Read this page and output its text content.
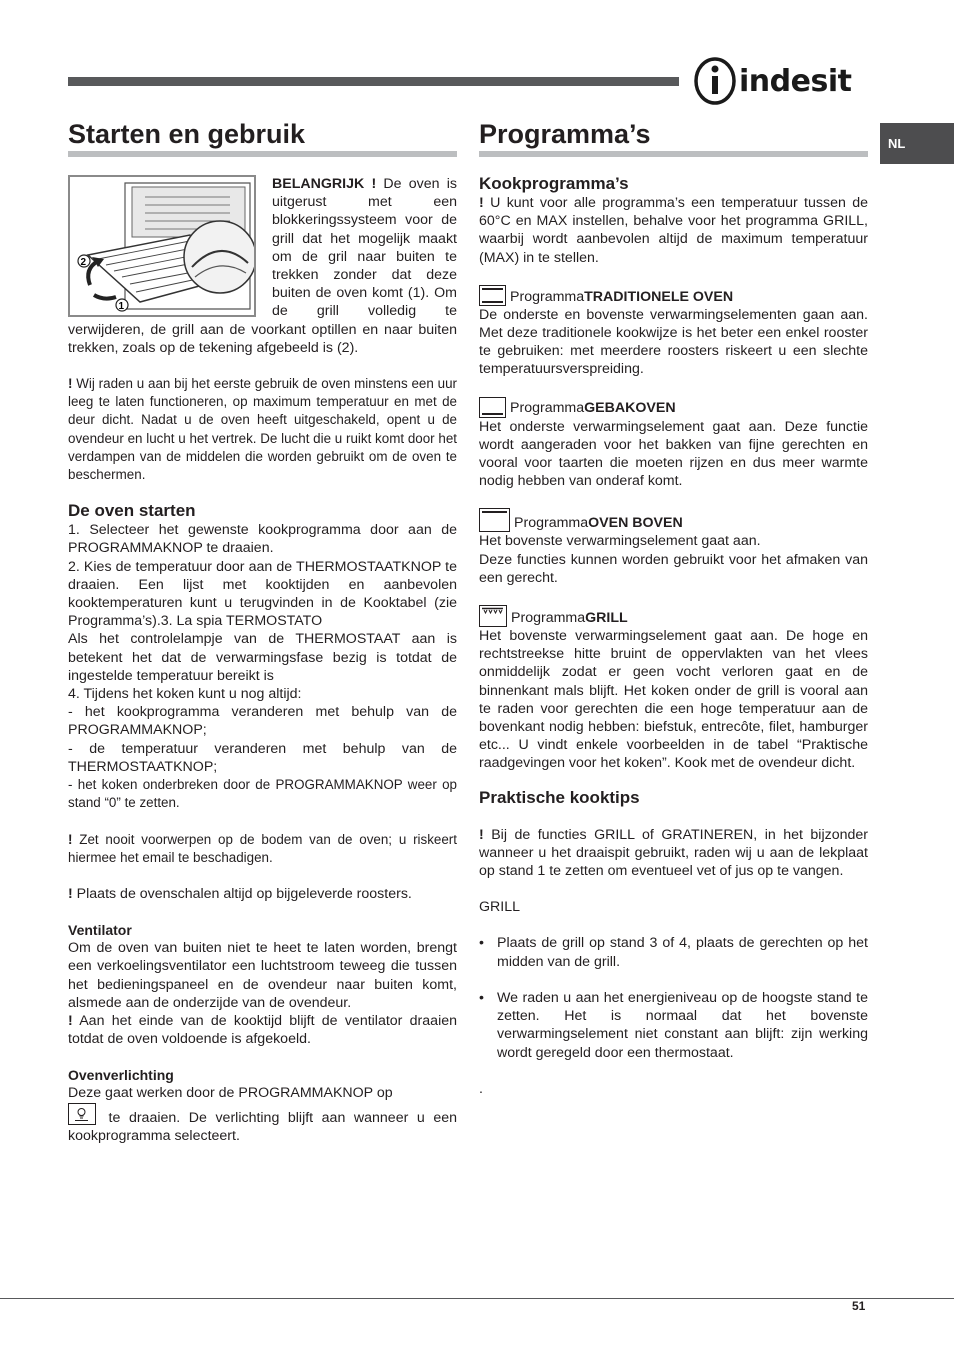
indesit
NL
Starten en gebruik
2
1

BELANGRIJK ! De oven is uitgerust met een blokkeringssysteem voor de grill dat het mogelijk maakt om de gril naar buiten te trekken zonder dat deze buiten de oven komt (1). Om de grill volledig te verwijderen, de grill aan de voorkant optillen en naar buiten trekken, zoals op de tekening afgebeeld is (2).

! Wij raden u aan bij het eerste gebruik de oven minstens een uur leeg te laten functioneren, op maximum temperatuur en met de deur dicht. Nadat u de oven heeft uitgeschakeld, opent u de ovendeur en lucht u het vertrek. De lucht die u ruikt komt door het verdampen van de middelen die worden gebruikt om de oven te beschermen.

De oven starten

1. Selecteer het gewenste kookprogramma door aan de PROGRAMMAKNOP te draaien.

2. Kies de temperatuur door aan de THERMOSTAATKNOP te draaien. Een lijst met kooktijden en aanbevolen kooktemperaturen kunt u terugvinden in de Kooktabel (zie Programma’s).3. La spia TERMOSTATO

Als het controlelampje van de THERMOSTAAT aan is betekent het dat de verwarmingsfase bezig is totdat de ingestelde temperatuur bereikt is

4. Tijdens het koken kunt u nog altijd:

- het kookprogramma veranderen met behulp van de PROGRAMMAKNOP;

- de temperatuur veranderen met behulp van de THERMOSTAATKNOP;

- het koken onderbreken door de PROGRAMMAKNOP weer op stand “0” te zetten.

! Zet nooit voorwerpen op de bodem van de oven; u riskeert hiermee het email te beschadigen.

! Plaats de ovenschalen altijd op bijgeleverde roosters.

Ventilator

Om de oven van buiten niet te heet te laten worden, brengt een verkoelingsventilator een luchtstroom teweeg die tussen het bedieningspaneel en de ovendeur naar buiten komt, alsmede aan de onderzijde van de ovendeur.

! Aan het einde van de kooktijd blijft de ventilator draaien totdat de oven voldoende is afgekoeld.

Ovenverlichting

Deze gaat werken door de PROGRAMMAKNOP op

te draaien. De verlichting blijft aan wanneer u een kookprogramma selecteert.

Programma’s
Kookprogramma’s

! U kunt voor alle programma’s een temperatuur tussen de 60°C en MAX instellen, behalve voor het programma GRILL, waarbij wordt aanbevolen altijd de maximum temperatuur (MAX) in te stellen.

Programma TRADITIONELE OVEN

De onderste en bovenste verwarmingselementen gaan aan. Met deze traditionele kookwijze is het beter een enkel rooster te gebruiken: met meerdere roosters riskeert u een slechte temperatuursverspreiding.

Programma GEBAKOVEN

Het onderste verwarmingselement gaat aan. Deze functie wordt aangeraden voor het bakken van fijne gerechten en vooral voor taarten die moeten rijzen en dus meer warmte nodig hebben van onderaf komt.

Programma OVEN BOVEN

Het bovenste verwarmingselement gaat aan.
Deze functies kunnen worden gebruikt voor het afmaken van een gerecht.

Programma GRILL

Het bovenste verwarmingselement gaat aan. De hoge en rechtstreekse hitte bruint de oppervlakten van het vlees onmiddelijk zodat er geen vocht verloren gaat en de binnenkant mals blijft. Het koken onder de grill is vooral aan te raden voor gerechten die een hoge temperatuur aan de bovenkant nodig hebben: biefstuk, entrecôte, filet, hamburger etc... U vindt enkele voorbeelden in de tabel “Praktische raadgevingen voor het koken”. Kook met de ovendeur dicht.

Praktische kooktips

! Bij de functies GRILL of GRATINEREN, in het bijzonder wanneer u het draaispit gebruikt, raden wij u aan de lekplaat op stand 1 te zetten om eventueel vet of jus op te vangen.

GRILL

• Plaats de grill op stand 3 of 4, plaats de gerechten op het midden van de grill.

• We raden u aan het energieniveau op de hoogste stand te zetten. Het is normaal dat het bovenste verwarmingselement niet constant aan blijft: zijn werking wordt geregeld door een thermostaat.

.

51
